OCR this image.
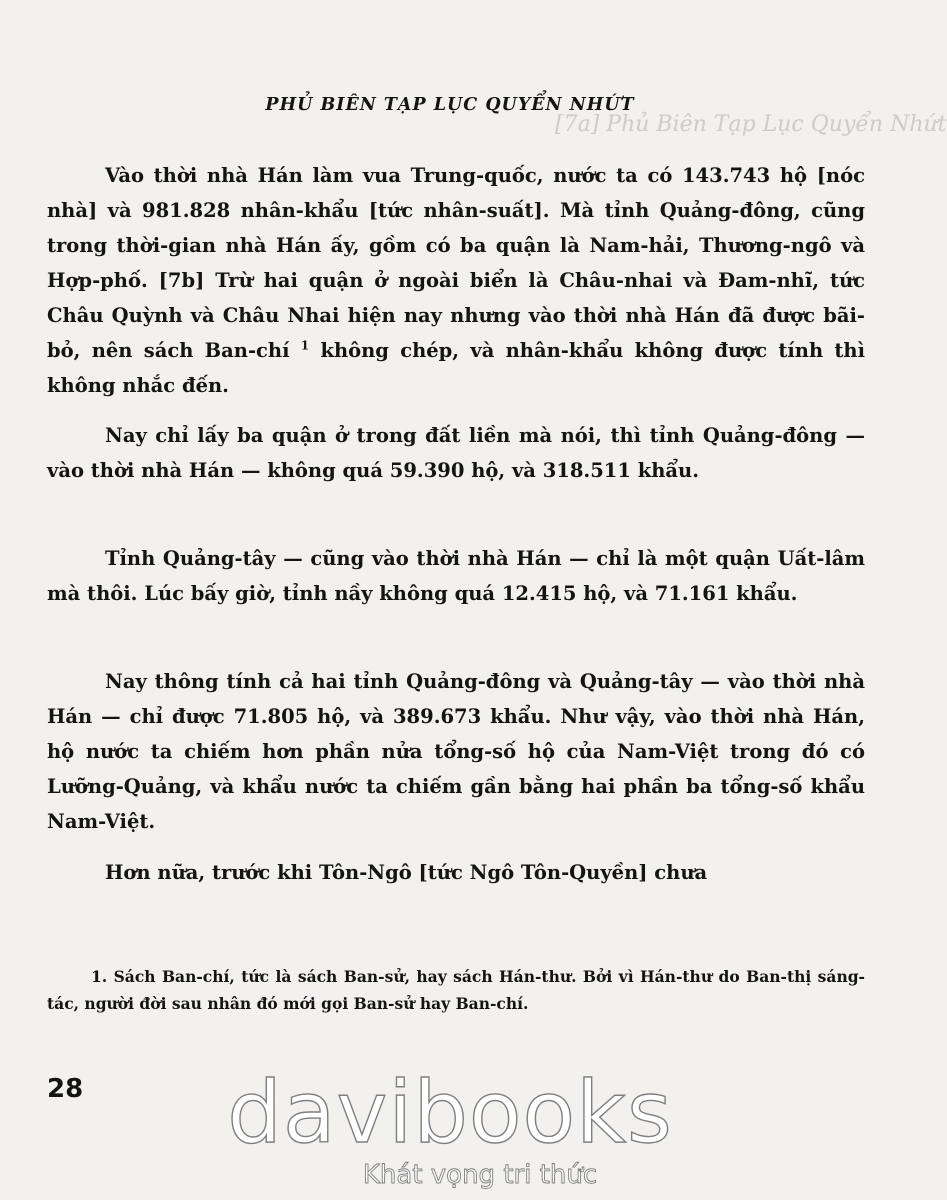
[7a] Phủ Biên Tạp Lục Quyển Nhứt
PHỦ BIÊN TẠP LỤC QUYỂN NHỨT

Vào thời nhà Hán làm vua Trung-quốc, nước ta có 143.743 hộ [nóc nhà] và 981.828 nhân-khẩu [tức nhân-suất]. Mà tỉnh Quảng-đông, cũng trong thời-gian nhà Hán ấy, gồm có ba quận là Nam-hải, Thương-ngô và Hợp-phố. [7b] Trừ hai quận ở ngoài biển là Châu-nhai và Đam-nhĩ, tức Châu Quỳnh và Châu Nhai hiện nay nhưng vào thời nhà Hán đã được bãi-bỏ, nên sách Ban-chí $^1$ không chép, và nhân-khẩu không được tính thì không nhắc đến.

Nay chỉ lấy ba quận ở trong đất liền mà nói, thì tỉnh Quảng-đông — vào thời nhà Hán — không quá 59.390 hộ, và 318.511 khẩu.

Tỉnh Quảng-tây — cũng vào thời nhà Hán — chỉ là một quận Uất-lâm mà thôi. Lúc bấy giờ, tỉnh nầy không quá 12.415 hộ, và 71.161 khẩu.

Nay thông tính cả hai tỉnh Quảng-đông và Quảng-tây — vào thời nhà Hán — chỉ được 71.805 hộ, và 389.673 khẩu. Như vậy, vào thời nhà Hán, hộ nước ta chiếm hơn phần nửa tổng-số hộ của Nam-Việt trong đó có Lưỡng-Quảng, và khẩu nước ta chiếm gần bằng hai phần ba tổng-số khẩu Nam-Việt.

Hơn nữa, trước khi Tôn-Ngô [tức Ngô Tôn-Quyền] chưa

1. Sách Ban-chí, tức là sách Ban-sử, hay sách Hán-thư. Bởi vì Hán-thư do Ban-thị sáng-tác, người đời sau nhân đó mới gọi Ban-sử hay Ban-chí.

28	davibooks
Khát vọng tri thức
